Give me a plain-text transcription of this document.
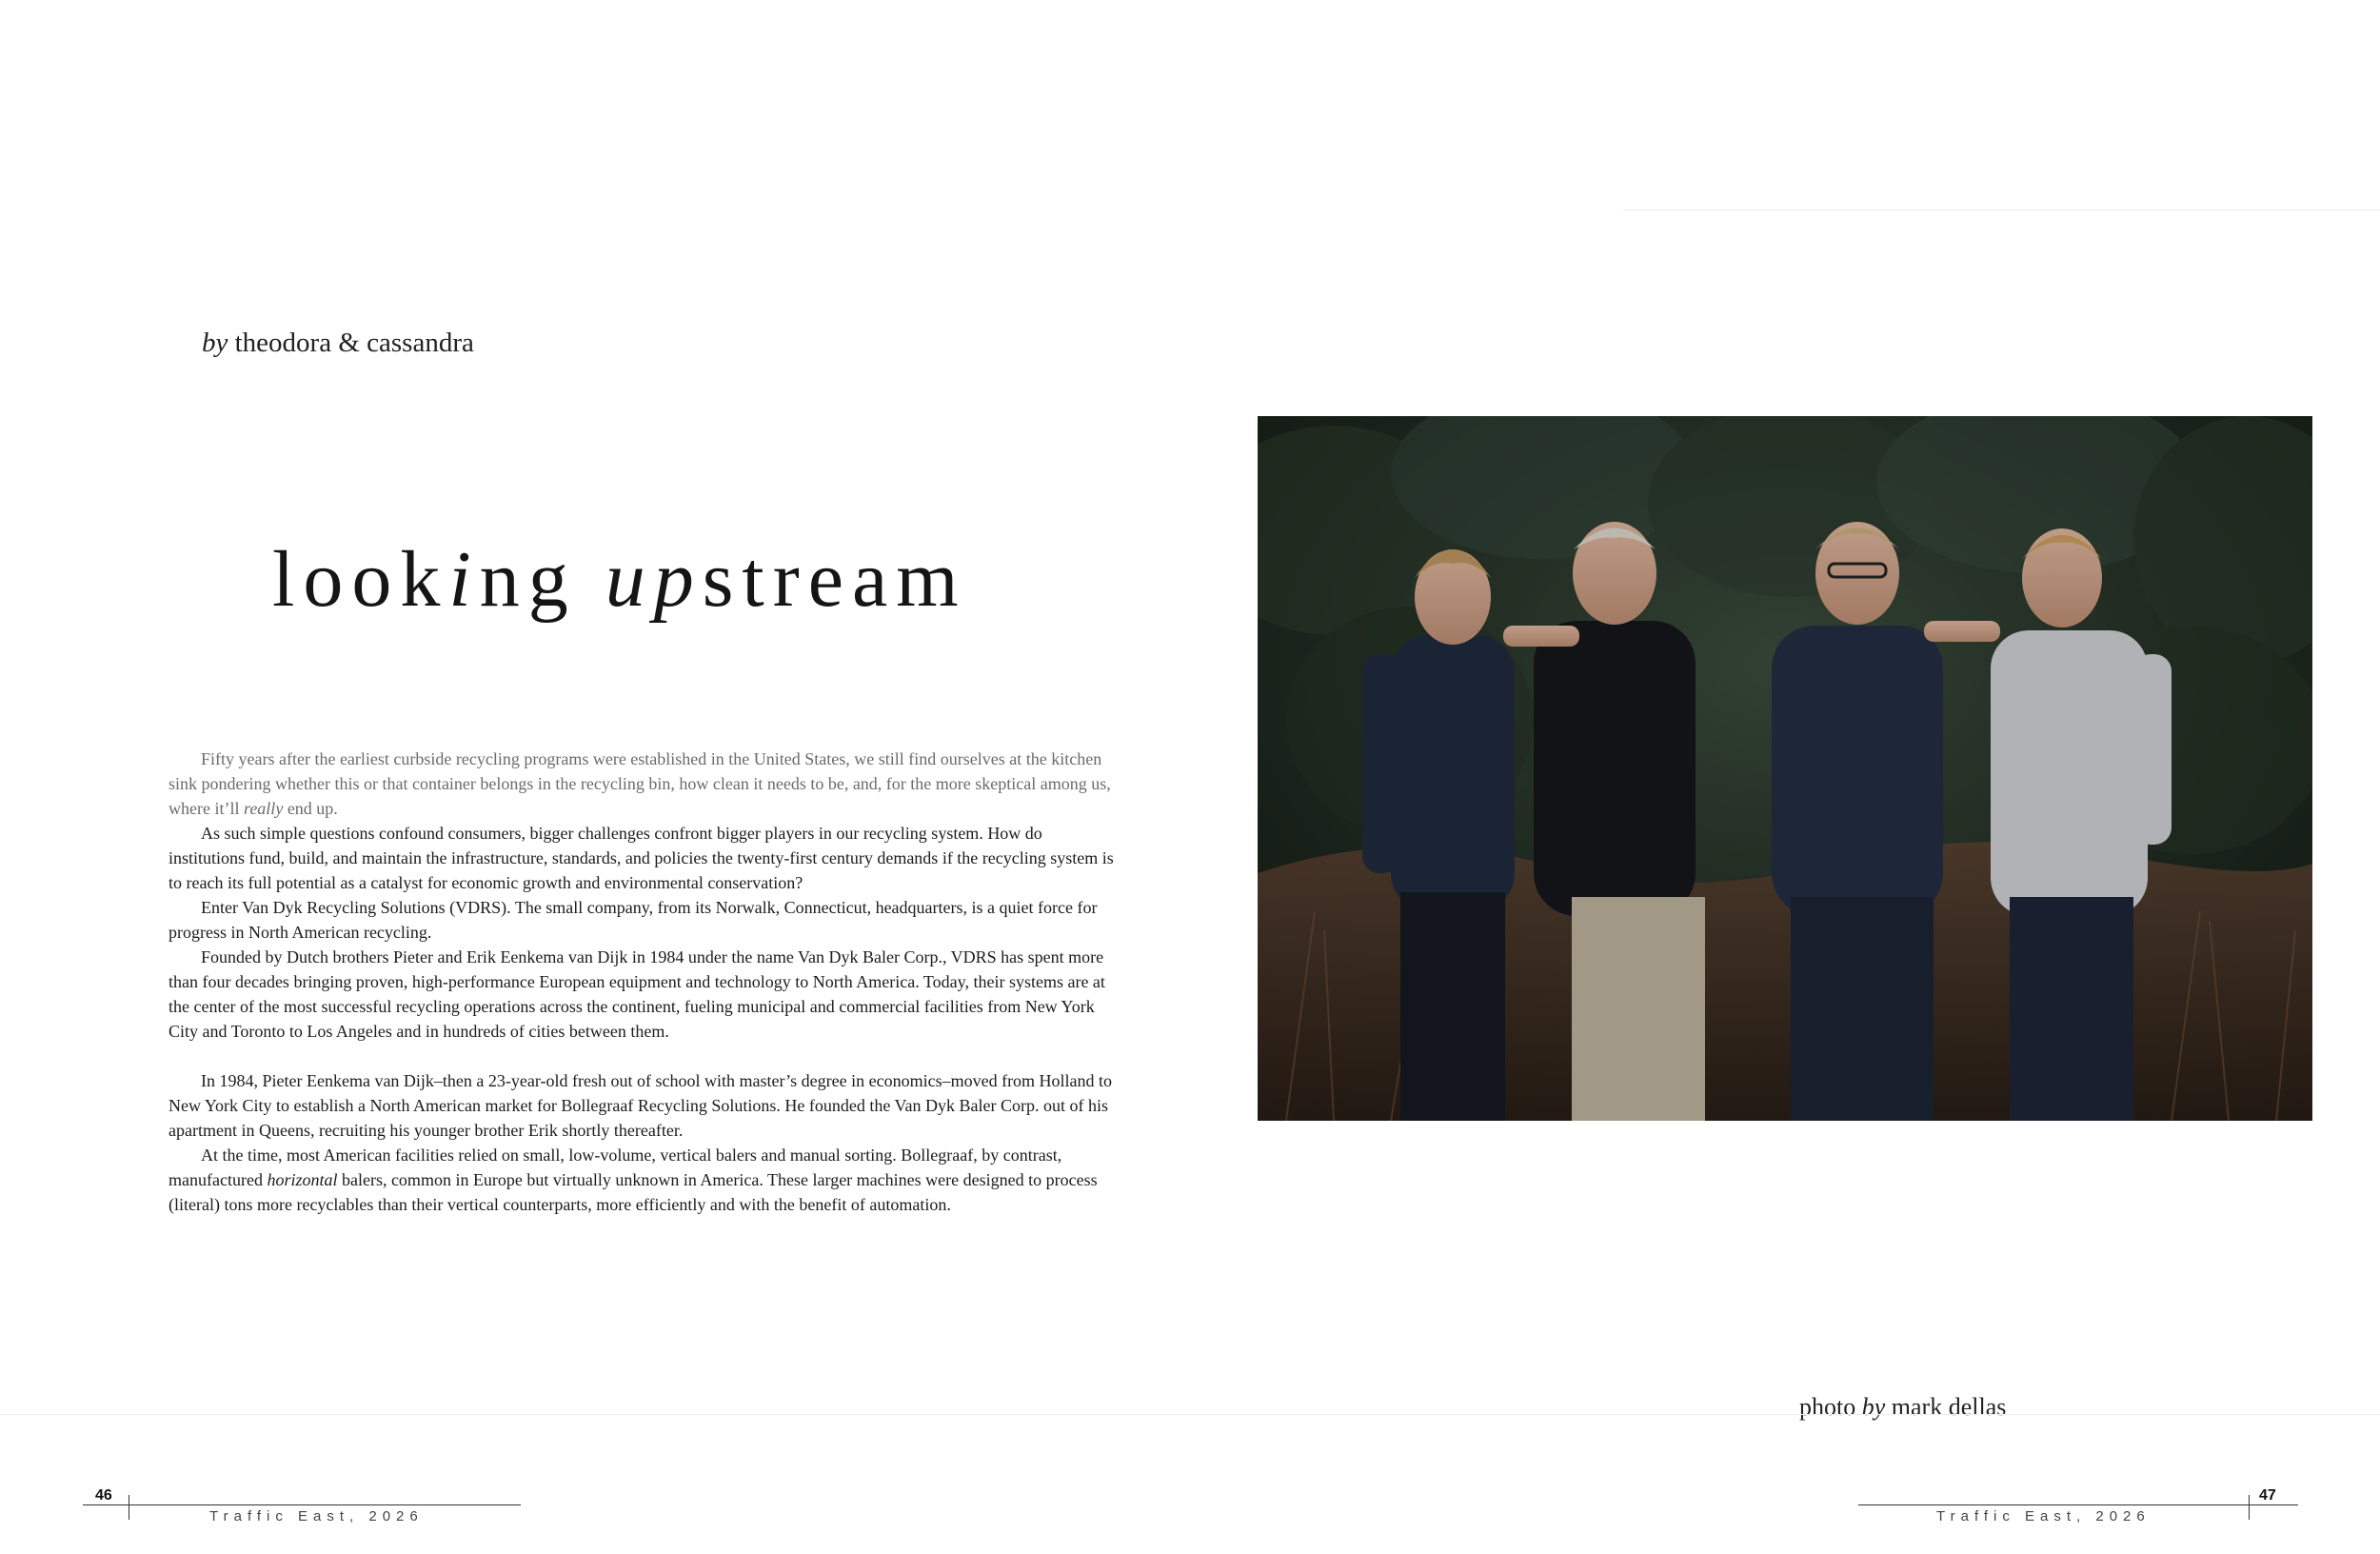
by theodora & cassandra
looking upstream

Fifty years after the earliest curbside recycling programs were established in the United States, we still find ourselves at the kitchen sink pondering whether this or that container belongs in the recycling bin, how clean it needs to be, and, for the more skeptical among us, where it’ll really end up.

As such simple questions confound consumers, bigger challenges confront bigger players in our recycling system. How do institutions fund, build, and maintain the infrastructure, standards, and policies the twenty-first century demands if the recycling system is to reach its full potential as a catalyst for economic growth and environmental conservation?

Enter Van Dyk Recycling Solutions (VDRS). The small company, from its Norwalk, Connecticut, headquarters, is a quiet force for progress in North American recycling.

Founded by Dutch brothers Pieter and Erik Eenkema van Dijk in 1984 under the name Van Dyk Baler Corp., VDRS has spent more than four decades bringing proven, high-performance European equipment and technology to North America. Today, their systems are at the center of the most successful recycling operations across the continent, fueling municipal and commercial facilities from New York City and Toronto to Los Angeles and in hundreds of cities between them.

In 1984, Pieter Eenkema van Dijk–then a 23-year-old fresh out of school with master’s degree in economics–moved from Holland to New York City to establish a North American market for Bollegraaf Recycling Solutions. He founded the Van Dyk Baler Corp. out of his apartment in Queens, recruiting his younger brother Erik shortly thereafter.

At the time, most American facilities relied on small, low-volume, vertical balers and manual sorting. Bollegraaf, by contrast, manufactured horizontal balers, common in Europe but virtually unknown in America. These larger machines were designed to process (literal) tons more recyclables than their vertical counterparts, more efficiently and with the benefit of automation.

photo by mark dellas
46
Traffic East, 2026
47
Traffic East, 2026
